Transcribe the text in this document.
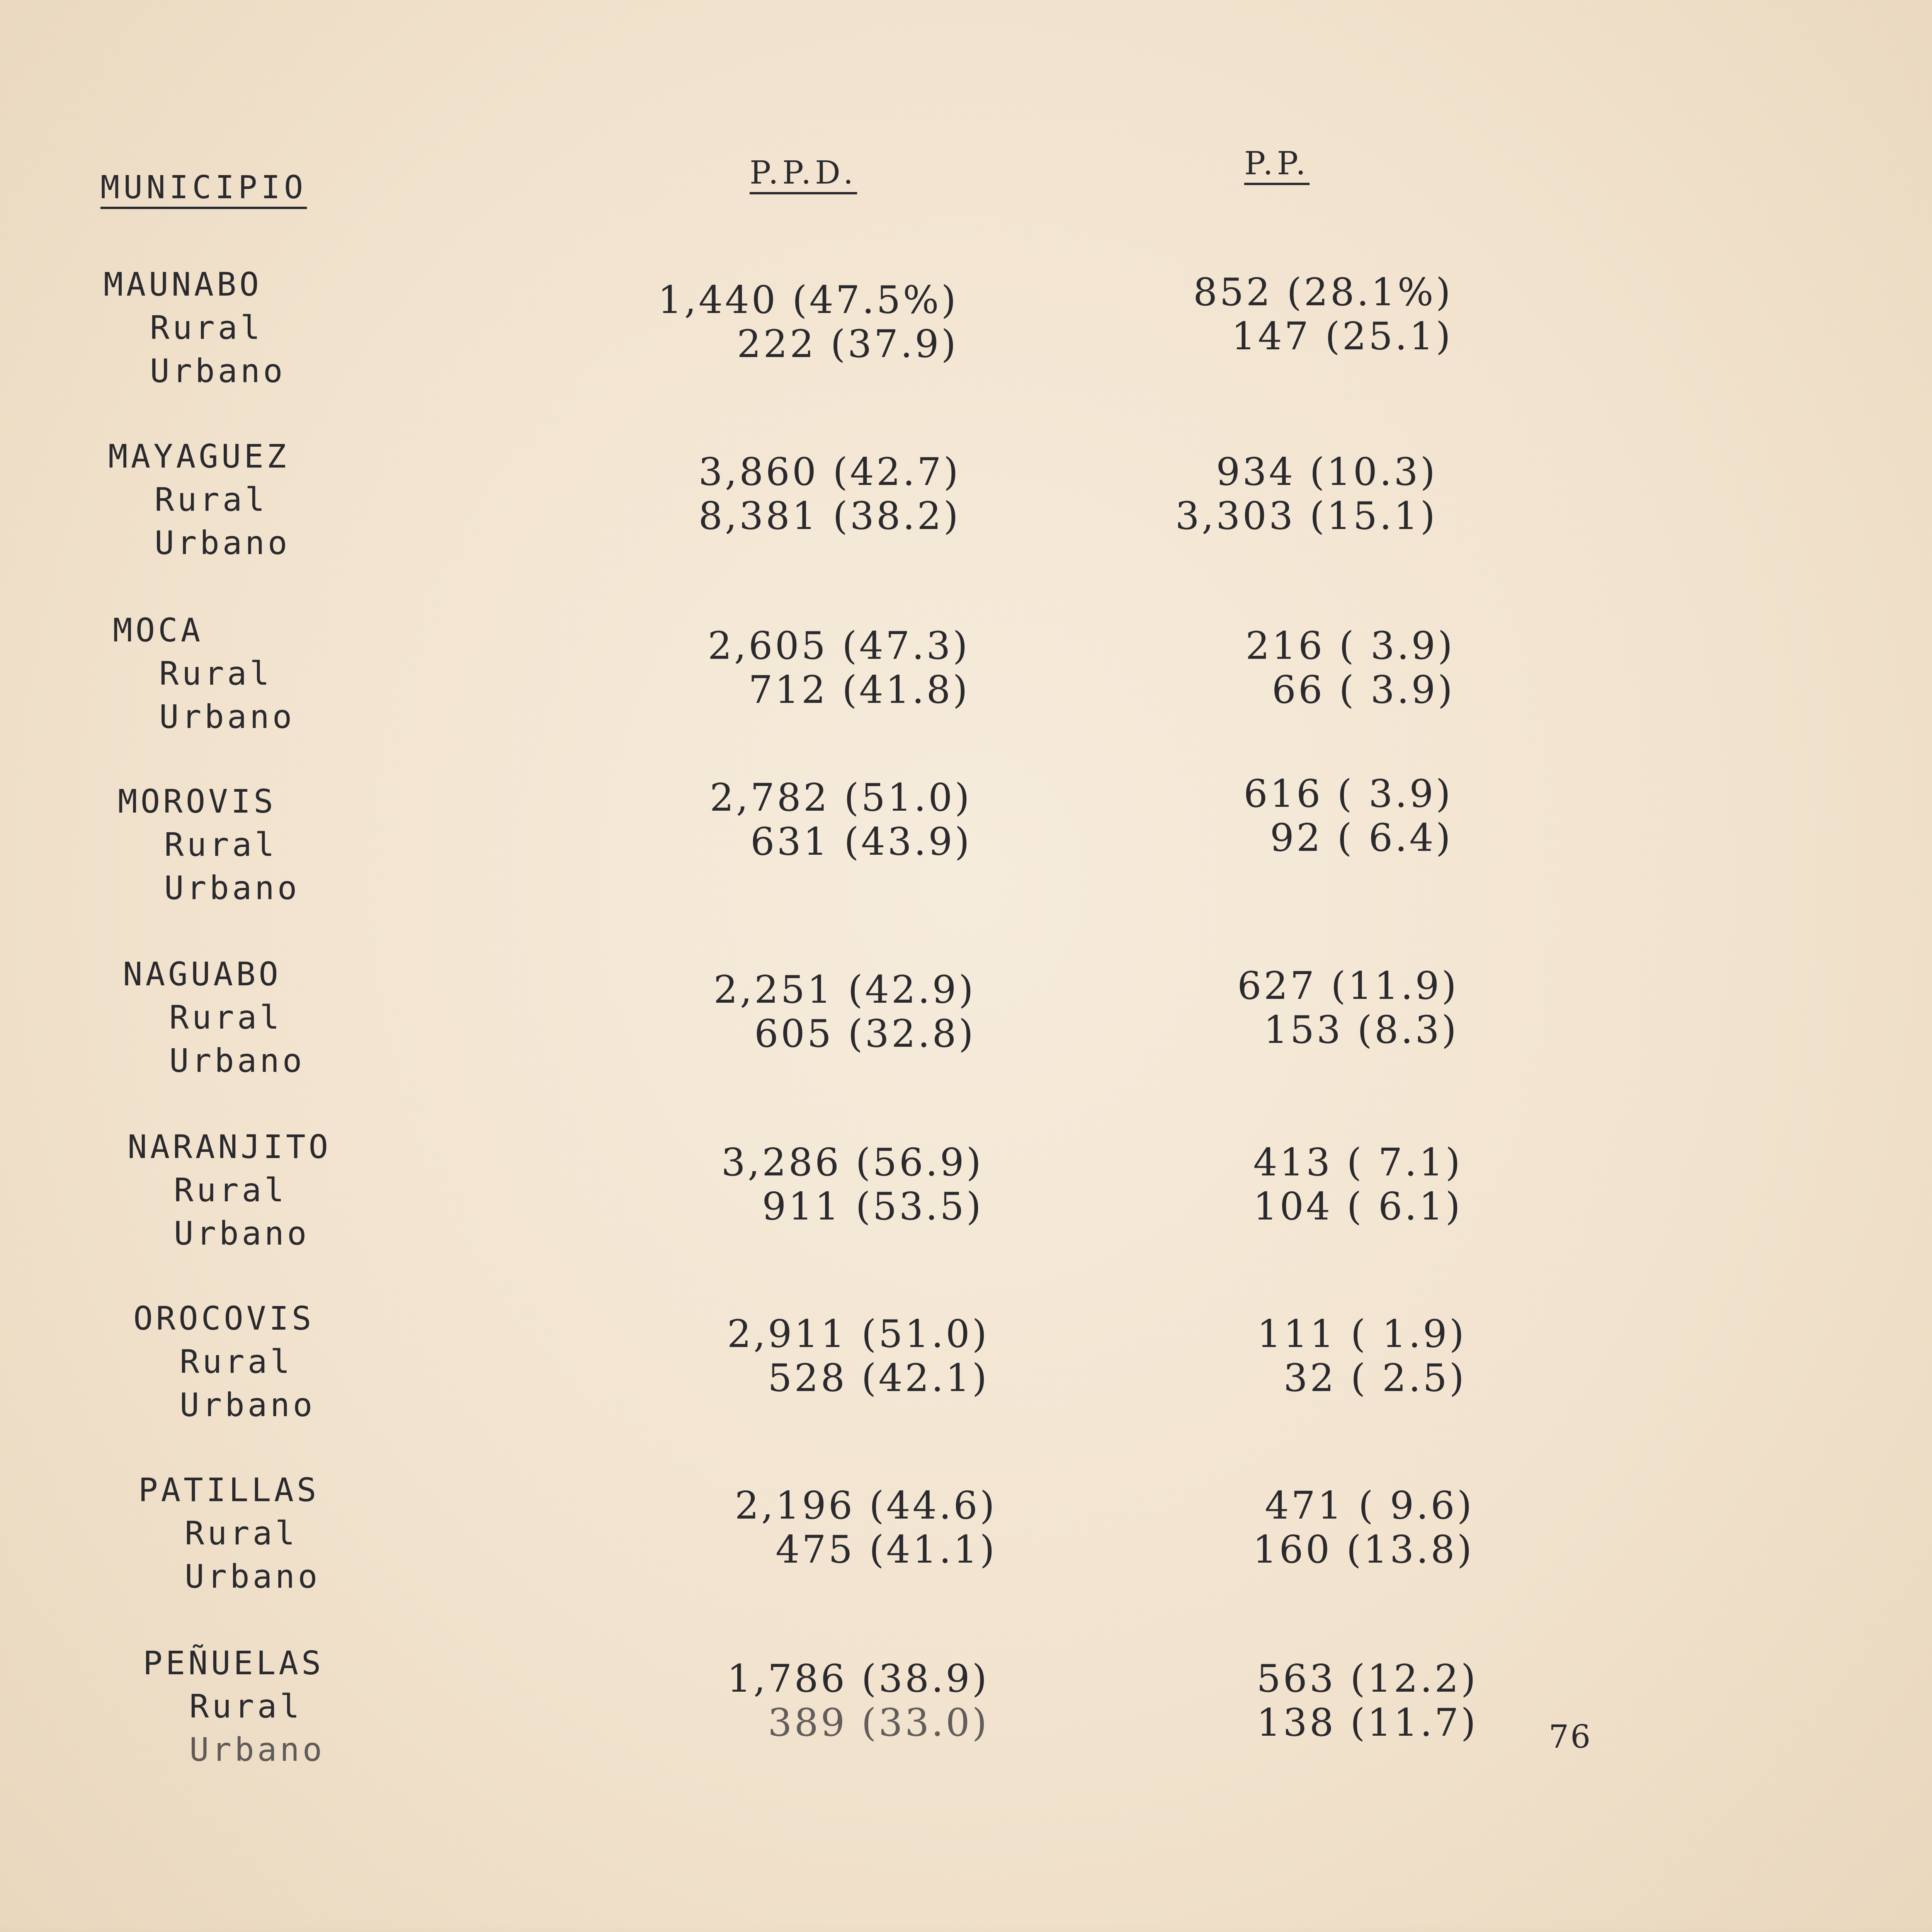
MUNICIPIO	P.P.D.	P.P.
MAUNABO
Rural
Urbano
1,440 (47.5%)
222 (37.9)
852 (28.1%)
147 (25.1)
MAYAGUEZ
Rural
Urbano
3,860 (42.7)
8,381 (38.2)
934 (10.3)
3,303 (15.1)
MOCA
Rural
Urbano
2,605 (47.3)
712 (41.8)
216 ( 3.9)
66 ( 3.9)
MOROVIS
Rural
Urbano
2,782 (51.0)
631 (43.9)
616 ( 3.9)
92 ( 6.4)
NAGUABO
Rural
Urbano
2,251 (42.9)
605 (32.8)
627 (11.9)
153 (8.3)
NARANJITO
Rural
Urbano
3,286 (56.9)
911 (53.5)
413 ( 7.1)
104 ( 6.1)
OROCOVIS
Rural
Urbano
2,911 (51.0)
528 (42.1)
111 ( 1.9)
32 ( 2.5)
PATILLAS
Rural
Urbano
2,196 (44.6)
475 (41.1)
471 ( 9.6)
160 (13.8)
PEÑUELAS
Rural
Urbano
1,786 (38.9)
389 (33.0)
563 (12.2)
138 (11.7) 76
